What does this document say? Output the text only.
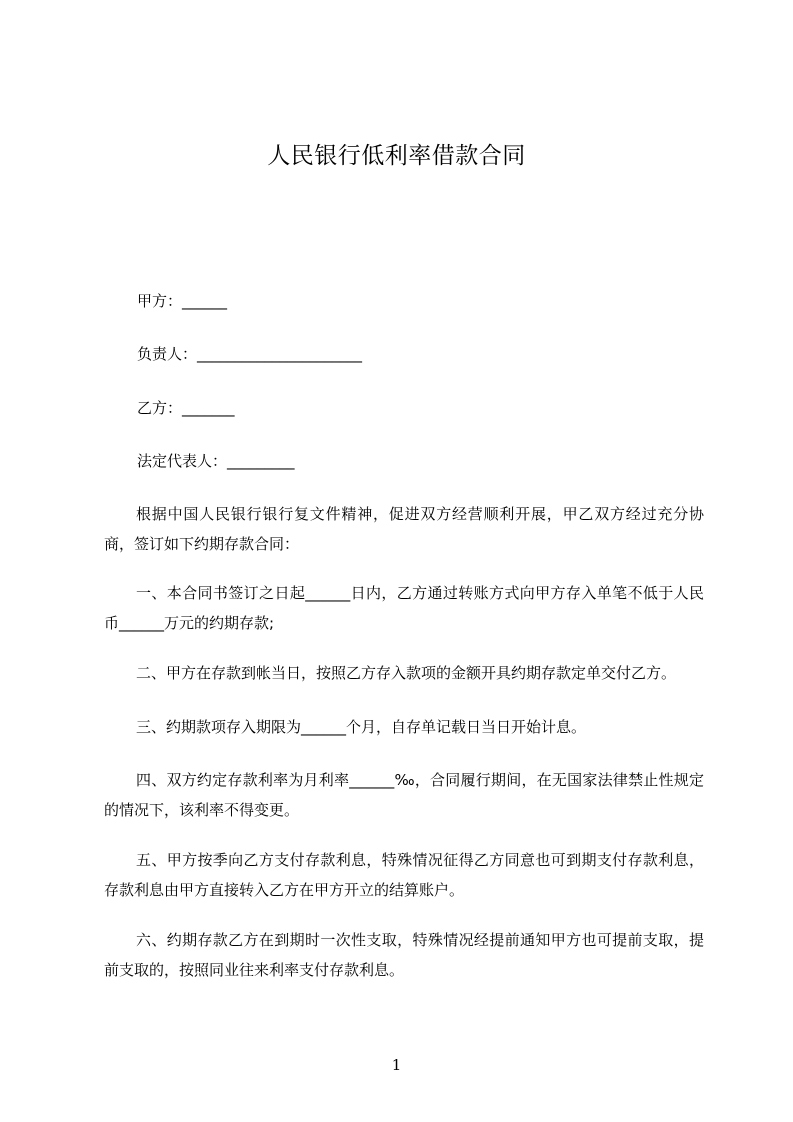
人民银行低利率借款合同
甲方：______
负责人：______________________
乙方：_______
法定代表人：_________
根据中国人民银行银行复文件精神，促进双方经营顺利开展，甲乙双方经过充分协商，签订如下约期存款合同：
一、本合同书签订之日起______日内，乙方通过转账方式向甲方存入单笔不低于人民币______万元的约期存款;
二、甲方在存款到帐当日，按照乙方存入款项的金额开具约期存款定单交付乙方。
三、约期款项存入期限为______个月，自存单记载日当日开始计息。
四、双方约定存款利率为月利率______‰，合同履行期间，在无国家法律禁止性规定的情况下，该利率不得变更。
五、甲方按季向乙方支付存款利息，特殊情况征得乙方同意也可到期支付存款利息，存款利息由甲方直接转入乙方在甲方开立的结算账户。
六、约期存款乙方在到期时一次性支取，特殊情况经提前通知甲方也可提前支取，提前支取的，按照同业往来利率支付存款利息。
1
